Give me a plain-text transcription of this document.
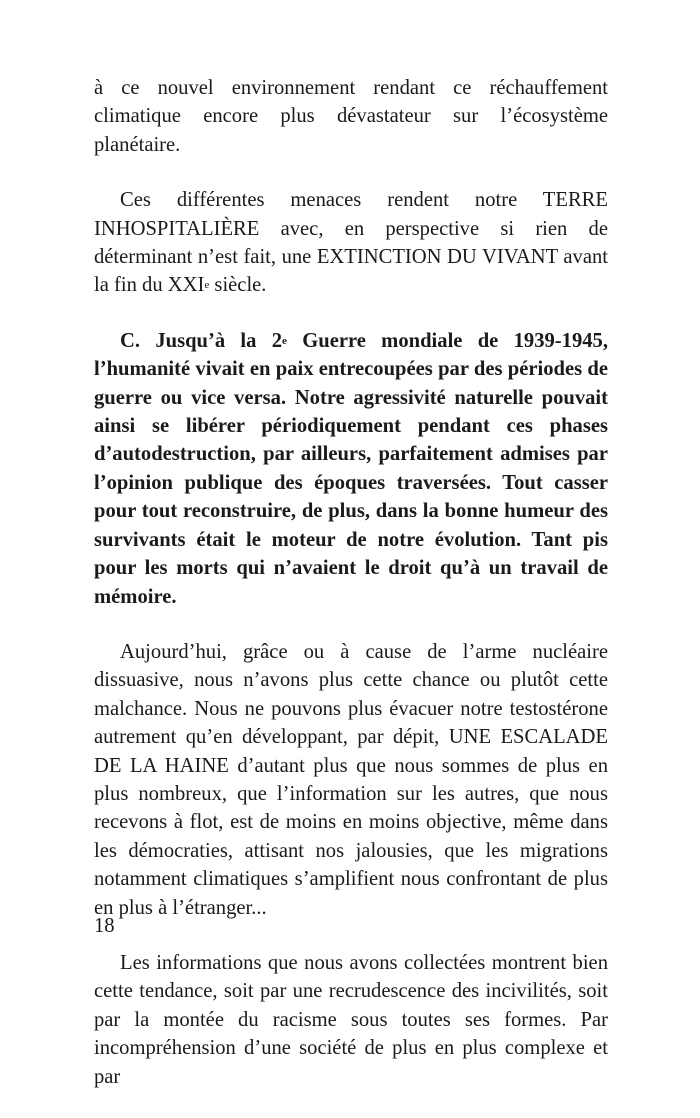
à ce nouvel environnement rendant ce réchauffement climatique encore plus dévastateur sur l’écosystème planétaire.

Ces différentes menaces rendent notre TERRE INHOSPITALIÈRE avec, en perspective si rien de déterminant n’est fait, une EXTINCTION DU VIVANT avant la fin du XXIe siècle.

C. Jusqu’à la 2e Guerre mondiale de 1939-1945, l’humanité vivait en paix entrecoupées par des périodes de guerre ou vice versa. Notre agressivité naturelle pouvait ainsi se libérer périodiquement pendant ces phases d’autodestruction, par ailleurs, parfaitement admises par l’opinion publique des époques traversées. Tout casser pour tout reconstruire, de plus, dans la bonne humeur des survivants était le moteur de notre évolution. Tant pis pour les morts qui n’avaient le droit qu’à un travail de mémoire.

Aujourd’hui, grâce ou à cause de l’arme nucléaire dissuasive, nous n’avons plus cette chance ou plutôt cette malchance. Nous ne pouvons plus évacuer notre testostérone autrement qu’en développant, par dépit, UNE ESCALADE DE LA HAINE d’autant plus que nous sommes de plus en plus nombreux, que l’information sur les autres, que nous recevons à flot, est de moins en moins objective, même dans les démocraties, attisant nos jalousies, que les migrations notamment climatiques s’amplifient nous confrontant de plus en plus à l’étranger...

Les informations que nous avons collectées montrent bien cette tendance, soit par une recrudescence des incivilités, soit par la montée du racisme sous toutes ses formes. Par incompréhension d’une société de plus en plus complexe et par

18
